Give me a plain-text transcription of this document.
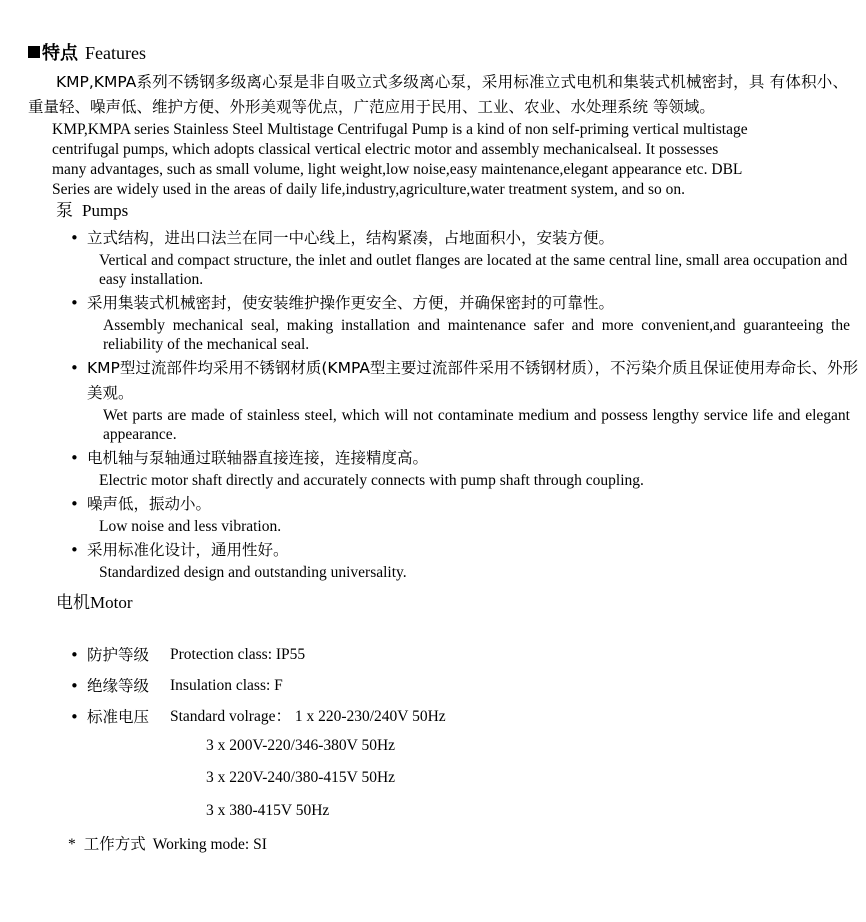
特点 Features
KMP,KMPA系列不锈钢多级离心泵是非自吸立式多级离心泵，采用标准立式电机和集装式机械密封，具 有体积小、重量轻、噪声低、维护方便、外形美观等优点，广范应用于民用、工业、农业、水处理系统 等领域。
KMP,KMPA series Stainless Steel Multistage Centrifugal Pump is a kind of non self-priming vertical multistage
centrifugal pumps, which adopts classical vertical electric motor and assembly mechanicalseal. It possesses
many advantages, such as small volume, light weight,low noise,easy maintenance,elegant appearance etc. DBL
Series are widely used in the areas of daily life,industry,agriculture,water treatment system, and so on.
泵 Pumps
• 立式结构，进出口法兰在同一中心线上，结构紧凑，占地面积小，安装方便。
Vertical and compact structure, the inlet and outlet flanges are located at the same central line, small area occupation and easy installation.
• 采用集装式机械密封，使安装维护操作更安全、方便，并确保密封的可靠性。
Assembly mechanical seal, making installation and maintenance safer and more convenient,and guaranteeing the reliability of the mechanical seal.
• KMP型过流部件均采用不锈钢材质(KMPA型主要过流部件采用不锈钢材质），不污染介质且保证使用寿命长、外形美观。
Wet parts are made of stainless steel, which will not contaminate medium and possess lengthy service life and elegant appearance.
• 电机轴与泵轴通过联轴器直接连接，连接精度高。
Electric motor shaft directly and accurately connects with pump shaft through coupling.
• 噪声低，振动小。
Low noise and less vibration.
• 采用标准化设计，通用性好。
Standardized design and outstanding universality.
电机Motor
• 防护等级 Protection class: IP55
• 绝缘等级 Insulation class: F
• 标准电压 Standard volrage： 1 x 220-230/240V 50Hz
3 x 200V-220/346-380V 50Hz
3 x 220V-240/380-415V 50Hz
3 x 380-415V 50Hz
* 工作方式 Working mode: SI
